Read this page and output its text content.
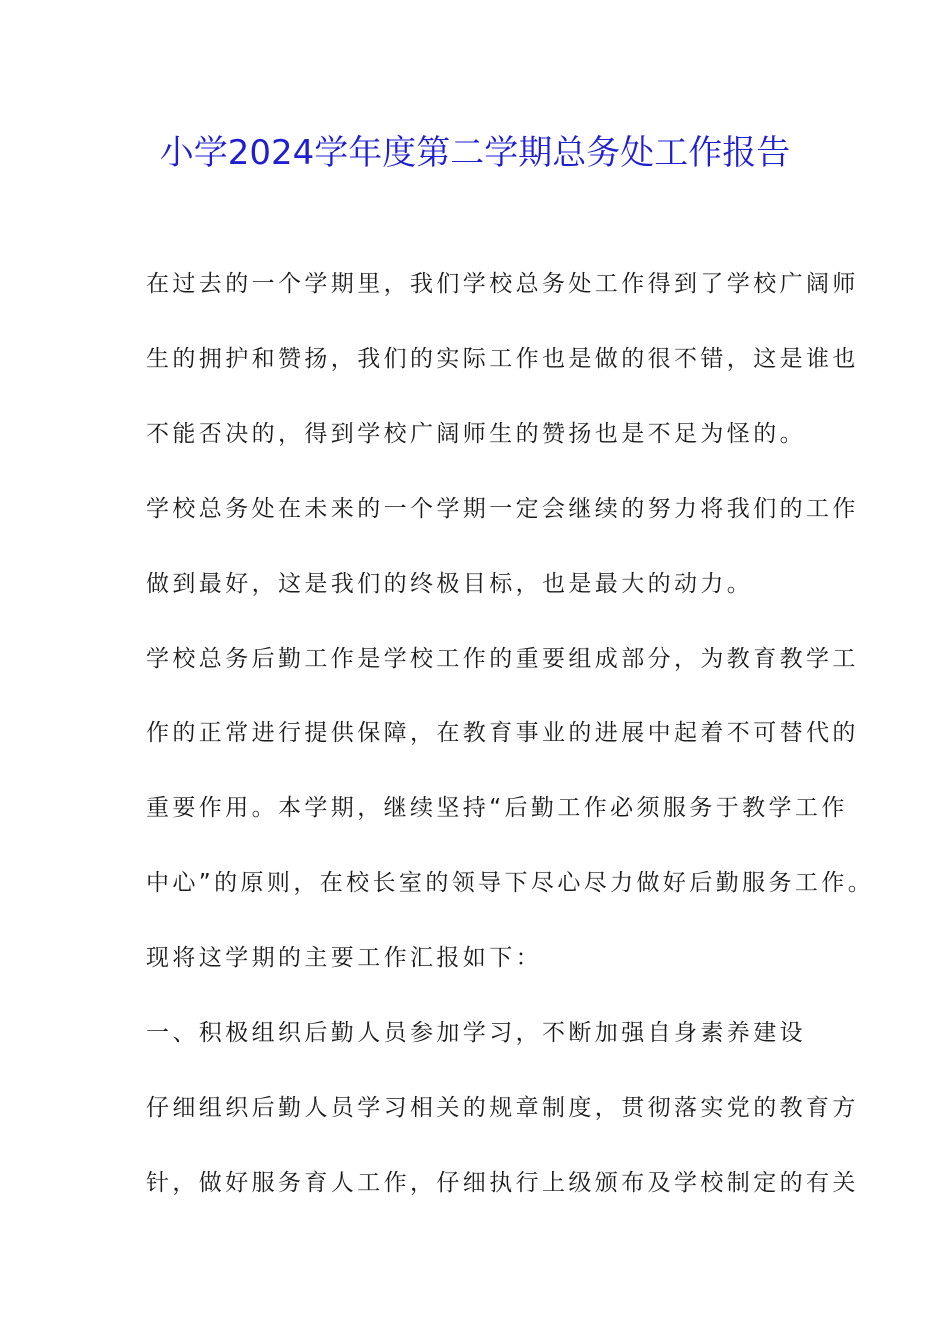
小学2024学年度第二学期总务处工作报告
在过去的一个学期里，我们学校总务处工作得到了学校广阔师
生的拥护和赞扬，我们的实际工作也是做的很不错，这是谁也
不能否决的，得到学校广阔师生的赞扬也是不足为怪的。
学校总务处在未来的一个学期一定会继续的努力将我们的工作
做到最好，这是我们的终极目标，也是最大的动力。
学校总务后勤工作是学校工作的重要组成部分，为教育教学工
作的正常进行提供保障，在教育事业的进展中起着不可替代的
重要作用。本学期，继续坚持“后勤工作必须服务于教学工作
中心”的原则，在校长室的领导下尽心尽力做好后勤服务工作。
现将这学期的主要工作汇报如下：
一、积极组织后勤人员参加学习，不断加强自身素养建设
仔细组织后勤人员学习相关的规章制度，贯彻落实党的教育方
针，做好服务育人工作，仔细执行上级颁布及学校制定的有关
